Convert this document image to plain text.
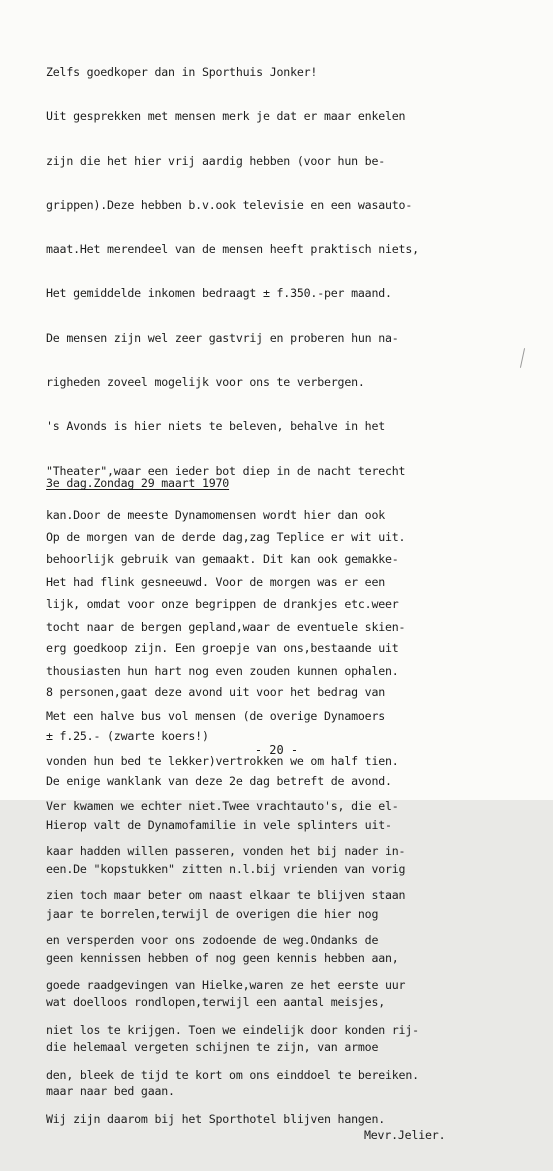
Zelfs goedkoper dan in Sporthuis Jonker!

Uit gesprekken met mensen merk je dat er maar enkelen

zijn die het hier vrij aardig hebben (voor hun be-

grippen).Deze hebben b.v.ook televisie en een wasauto-

maat.Het merendeel van de mensen heeft praktisch niets,

Het gemiddelde inkomen bedraagt ± f.350.-per maand.

De mensen zijn wel zeer gastvrij en proberen hun na-

righeden zoveel mogelijk voor ons te verbergen.

's Avonds is hier niets te beleven, behalve in het

"Theater",waar een ieder bot diep in de nacht terecht

kan.Door de meeste Dynamomensen wordt hier dan ook

behoorlijk gebruik van gemaakt. Dit kan ook gemakke-

lijk, omdat voor onze begrippen de drankjes etc.weer

erg goedkoop zijn. Een groepje van ons,bestaande uit

8 personen,gaat deze avond uit voor het bedrag van

± f.25.- (zwarte koers!)

De enige wanklank van deze 2e dag betreft de avond.

Hierop valt de Dynamofamilie in vele splinters uit-

een.De "kopstukken" zitten n.l.bij vrienden van vorig

jaar te borrelen,terwijl de overigen die hier nog

geen kennissen hebben of nog geen kennis hebben aan,

wat doelloos rondlopen,terwijl een aantal meisjes,

die helemaal vergeten schijnen te zijn, van armoe

maar naar bed gaan.

Mevr.Jelier.

3e dag.Zondag 29 maart 1970

Op de morgen van de derde dag,zag Teplice er wit uit.

Het had flink gesneeuwd. Voor de morgen was er een

tocht naar de bergen gepland,waar de eventuele skien-

thousiasten hun hart nog even zouden kunnen ophalen.

Met een halve bus vol mensen (de overige Dynamoers

vonden hun bed te lekker)vertrokken we om half tien.

Ver kwamen we echter niet.Twee vrachtauto's, die el-

kaar hadden willen passeren, vonden het bij nader in-

zien toch maar beter om naast elkaar te blijven staan

en versperden voor ons zodoende de weg.Ondanks de

goede raadgevingen van Hielke,waren ze het eerste uur

niet los te krijgen. Toen we eindelijk door konden rij-

den, bleek de tijd te kort om ons einddoel te bereiken.

Wij zijn daarom bij het Sporthotel blijven hangen.

- 20 -
